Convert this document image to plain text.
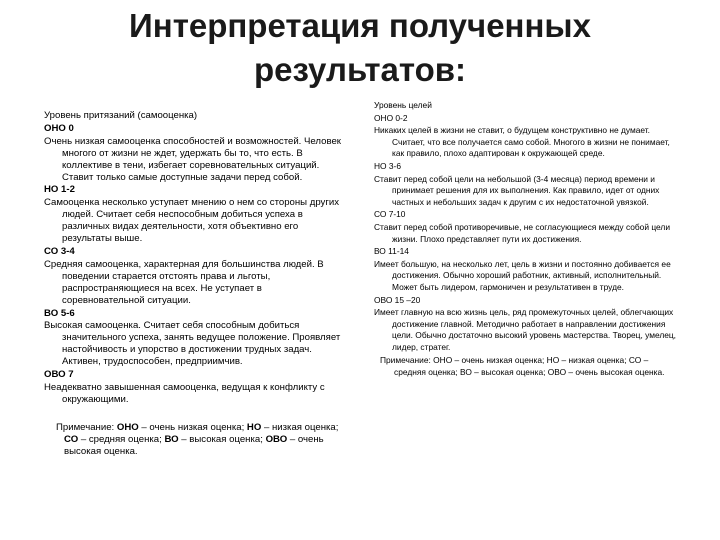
Интерпретация полученных
результатов:
Уровень притязаний (самооценка)
ОНО 0
Очень низкая самооценка способностей и возможностей. Человек многого от жизни не ждет, удержать бы то, что есть. В коллективе в тени, избегает соревновательных ситуаций. Ставит только самые доступные задачи перед собой.
НО 1-2
Самооценка несколько уступает мнению о нем со стороны других людей. Считает себя неспособным добиться успеха в различных видах деятельности, хотя объективно его результаты выше.
СО 3-4
Средняя самооценка, характерная для большинства людей. В поведении старается отстоять права и льготы, распространяющиеся на всех. Не уступает в соревновательной ситуации.
ВО 5-6
Высокая самооценка. Считает себя способным добиться значительного успеха, занять ведущее положение. Проявляет настойчивость и упорство в достижении трудных задач. Активен, трудоспособен, предприимчив.
ОВО 7
Неадекватно завышенная самооценка, ведущая к конфликту с окружающими.
Примечание: ОНО – очень низкая оценка; НО – низкая оценка; СО – средняя оценка; ВО – высокая оценка; ОВО – очень высокая оценка.
Уровень целей
ОНО 0-2
Никаких целей в жизни не ставит, о будущем конструктивно не думает. Считает, что все получается само собой. Многого в жизни не понимает, как правило, плохо адаптирован к окружающей среде.
НО 3-6
Ставит перед собой цели на небольшой (3-4 месяца) период времени и принимает решения для их выполнения. Как правило, идет от одних частных и небольших задач к другим с их недостаточной увязкой.
СО 7-10
Ставит перед собой противоречивые, не согласующиеся между собой цели жизни. Плохо представляет пути их достижения.
ВО 11-14
Имеет большую, на несколько лет, цель в жизни и постоянно добивается ее достижения. Обычно хороший работник, активный, исполнительный. Может быть лидером, гармоничен и результативен в труде.
ОВО 15 –20
Имеет главную на всю жизнь цель, ряд промежуточных целей, облегчающих достижение главной. Методично работает в направлении достижения цели. Обычно достаточно высокий уровень мастерства. Творец, умелец, лидер, стратег.
Примечание: ОНО – очень низкая оценка; НО – низкая оценка; СО – средняя оценка; ВО – высокая оценка; ОВО – очень высокая оценка.
